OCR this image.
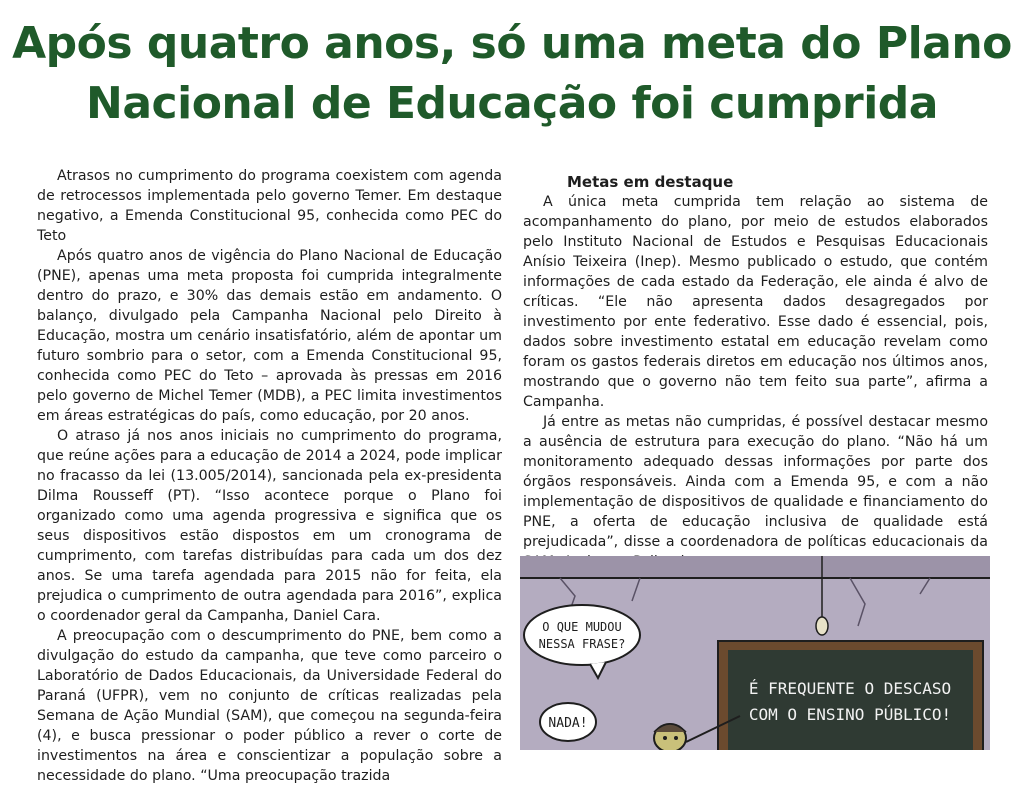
Após quatro anos, só uma meta do Plano
Nacional de Educação foi cumprida

Atrasos no cumprimento do programa coexistem com agenda de retrocessos implementada pelo governo Temer. Em destaque negativo, a Emenda Constitucional 95, conhecida como PEC do Teto

Após quatro anos de vigência do Plano Nacional de Educação (PNE), apenas uma meta proposta foi cumprida integralmente dentro do prazo, e 30% das demais estão em andamento. O balanço, divulgado pela Campanha Nacional pelo Direito à Educação, mostra um cenário insatisfatório, além de apontar um futuro sombrio para o setor, com a Emenda Constitucional 95, conhecida como PEC do Teto – aprovada às pressas em 2016 pelo governo de Michel Temer (MDB), a PEC limita investimentos em áreas estratégicas do país, como educação, por 20 anos.

O atraso já nos anos iniciais no cumprimento do programa, que reúne ações para a educação de 2014 a 2024, pode implicar no fracasso da lei (13.005/2014), sancionada pela ex-presidenta Dilma Rousseff (PT). “Isso acontece porque o Plano foi organizado como uma agenda progressiva e significa que os seus dispositivos estão dispostos em um cronograma de cumprimento, com tarefas distribuídas para cada um dos dez anos. Se uma tarefa agendada para 2015 não for feita, ela prejudica o cumprimento de outra agendada para 2016”, explica o coordenador geral da Campanha, Daniel Cara.

A preocupação com o descumprimento do PNE, bem como a divulgação do estudo da campanha, que teve como parceiro o Laboratório de Dados Educacionais, da Universidade Federal do Paraná (UFPR), vem no conjunto de críticas realizadas pela Semana de Ação Mundial (SAM), que começou na segunda-feira (4), e busca pressionar o poder público a rever o corte de investimentos na área e conscientizar a população sobre a necessidade do plano. “Uma preocupação trazida

Metas em destaque

A única meta cumprida tem relação ao sistema de acompanhamento do plano, por meio de estudos elaborados pelo Instituto Nacional de Estudos e Pesquisas Educacionais Anísio Teixeira (Inep). Mesmo publicado o estudo, que contém informações de cada estado da Federação, ele ainda é alvo de críticas. “Ele não apresenta dados desagregados por investimento por ente federativo. Esse dado é essencial, pois, dados sobre investimento estatal em educação revelam como foram os gastos federais diretos em educação nos últimos anos, mostrando que o governo não tem feito sua parte”, afirma a Campanha.

Já entre as metas não cumpridas, é possível destacar mesmo a ausência de estrutura para execução do plano. “Não há um monitoramento adequado dessas informações por parte dos órgãos responsáveis. Ainda com a Emenda 95, e com a não implementação de dispositivos de qualidade e financiamento do PNE, a oferta de educação inclusiva de qualidade está prejudicada”, disse a coordenadora de políticas educacionais da

É FREQUENTE O DESCASO
COM O ENSINO PÚBLICO!
O QUE MUDOU
NESSA FRASE?
NADA!
